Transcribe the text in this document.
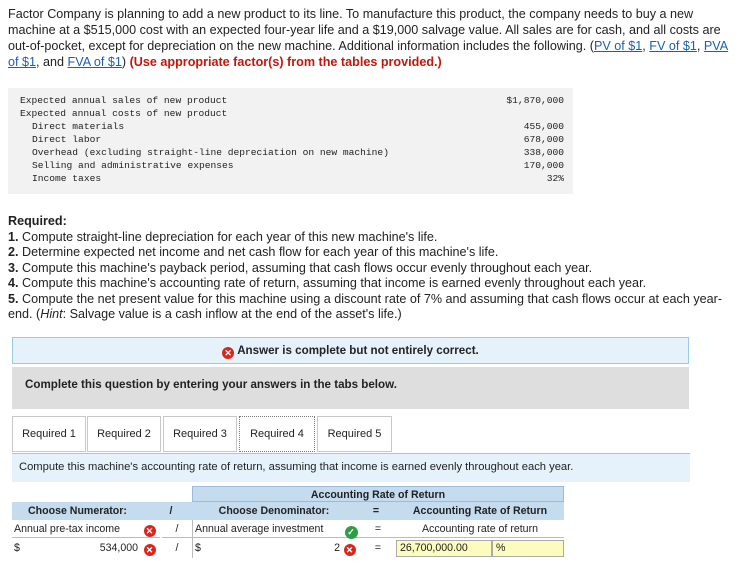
Factor Company is planning to add a new product to its line. To manufacture this product, the company needs to buy a new machine at a $515,000 cost with an expected four-year life and a $19,000 salvage value. All sales are for cash, and all costs are out-of-pocket, except for depreciation on the new machine. Additional information includes the following. (PV of $1, FV of $1, PVA of $1, and FVA of $1) (Use appropriate factor(s) from the tables provided.)
Expected annual sales of new product	$1,870,000
Expected annual costs of new product
Direct materials	455,000
Direct labor	678,000
Overhead (excluding straight-line depreciation on new machine)	338,000
Selling and administrative expenses	170,000
Income taxes	32%
Required:
1. Compute straight-line depreciation for each year of this new machine's life.
2. Determine expected net income and net cash flow for each year of this machine's life.
3. Compute this machine's payback period, assuming that cash flows occur evenly throughout each year.
4. Compute this machine's accounting rate of return, assuming that income is earned evenly throughout each year.
5. Compute the net present value for this machine using a discount rate of 7% and assuming that cash flows occur at each year-end. (Hint: Salvage value is a cash inflow at the end of the asset's life.)
✕ Answer is complete but not entirely correct.
Complete this question by entering your answers in the tabs below.
Required 1	Required 2	Required 3	Required 4	Required 5
Compute this machine's accounting rate of return, assuming that income is earned evenly throughout each year.
Accounting Rate of Return
Choose Numerator:	/	Choose Denominator:	=	Accounting Rate of Return
Annual pre-tax income	✕	/	Annual average investment	✓	=	Accounting rate of return
$	534,000 ✕	/	$	2 ✕	=	26,700,000.00	%
